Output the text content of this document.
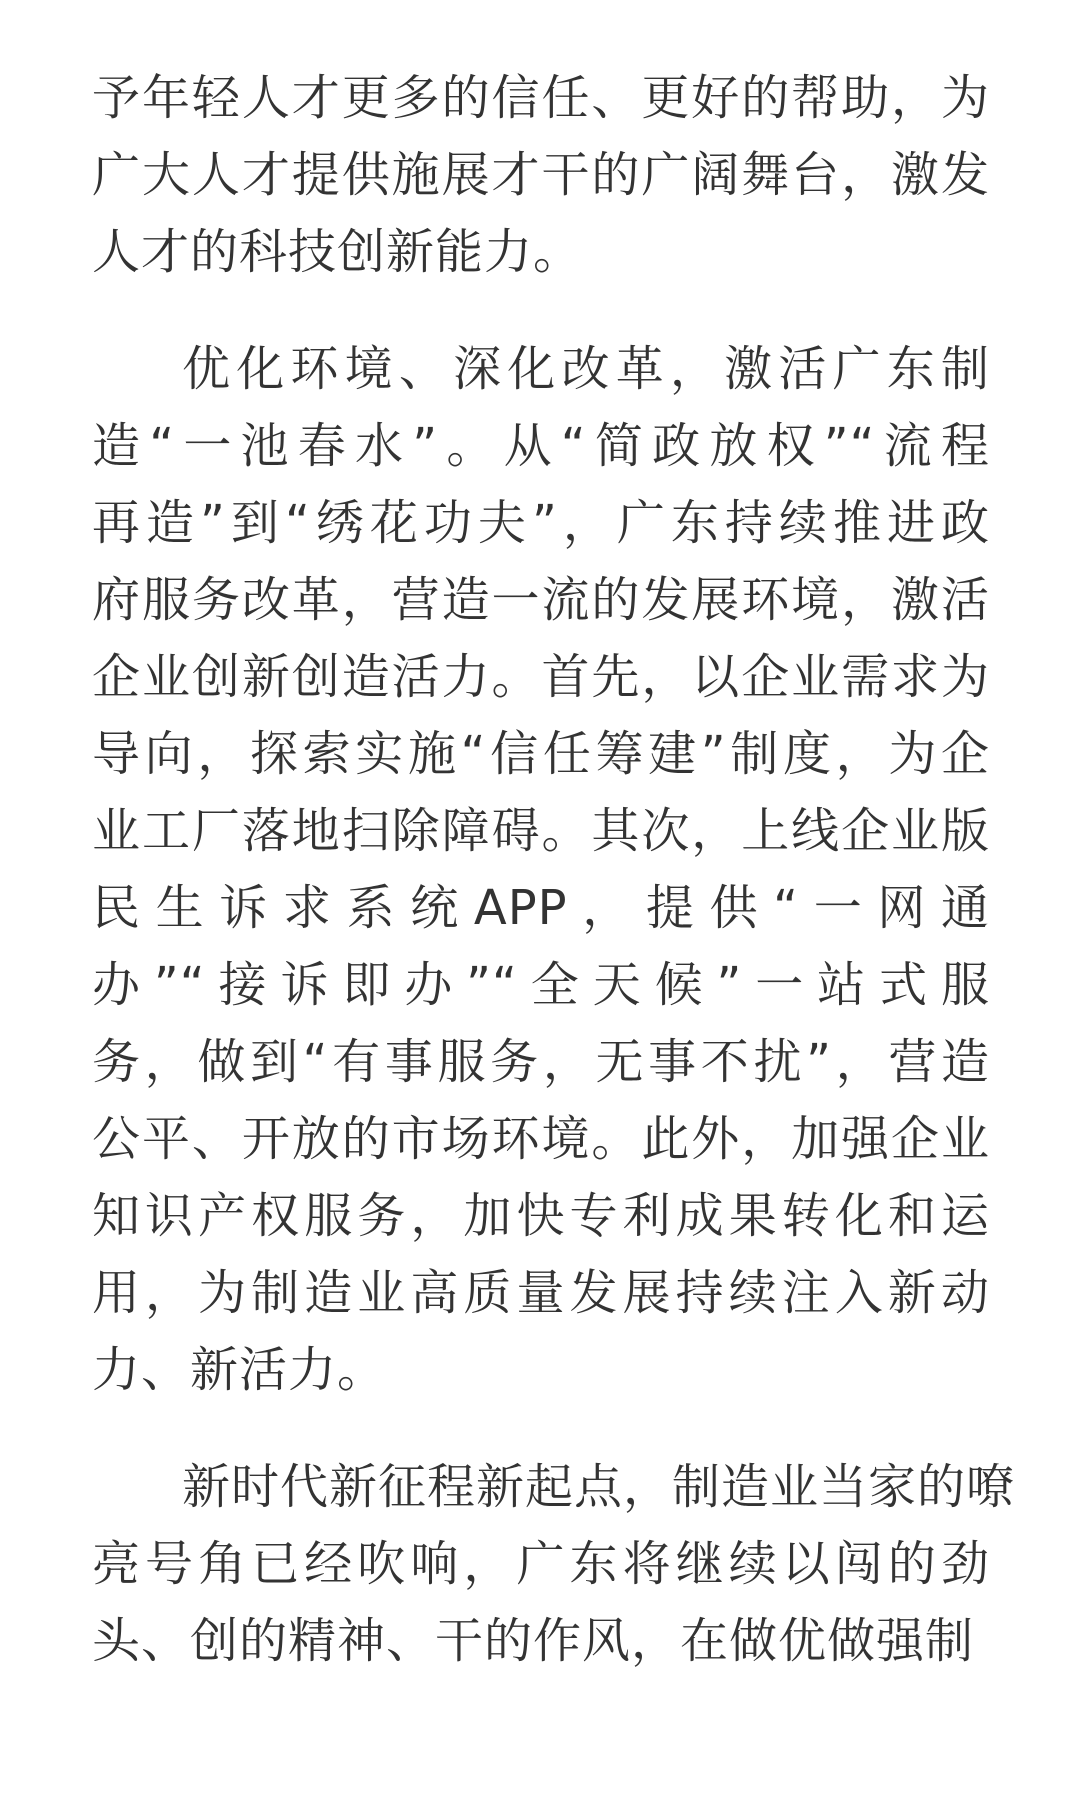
予年轻人才更多的信任、更好的帮助，为
广大人才提供施展才干的广阔舞台，激发
人才的科技创新能力。
优化环境、深化改革，激活广东制
造“一池春水”。从“简政放权”“流程
再造”到“绣花功夫”，广东持续推进政
府服务改革，营造一流的发展环境，激活
企业创新创造活力。首先，以企业需求为
导向，探索实施“信任筹建”制度，为企
业工厂落地扫除障碍。其次，上线企业版
民生诉求系统APP，提供“一网通
办”“接诉即办”“全天候”一站式服
务，做到“有事服务，无事不扰”，营造
公平、开放的市场环境。此外，加强企业
知识产权服务，加快专利成果转化和运
用，为制造业高质量发展持续注入新动
力、新活力。
新时代新征程新起点，制造业当家的嘹
亮号角已经吹响，广东将继续以闯的劲
头、创的精神、干的作风，在做优做强制
